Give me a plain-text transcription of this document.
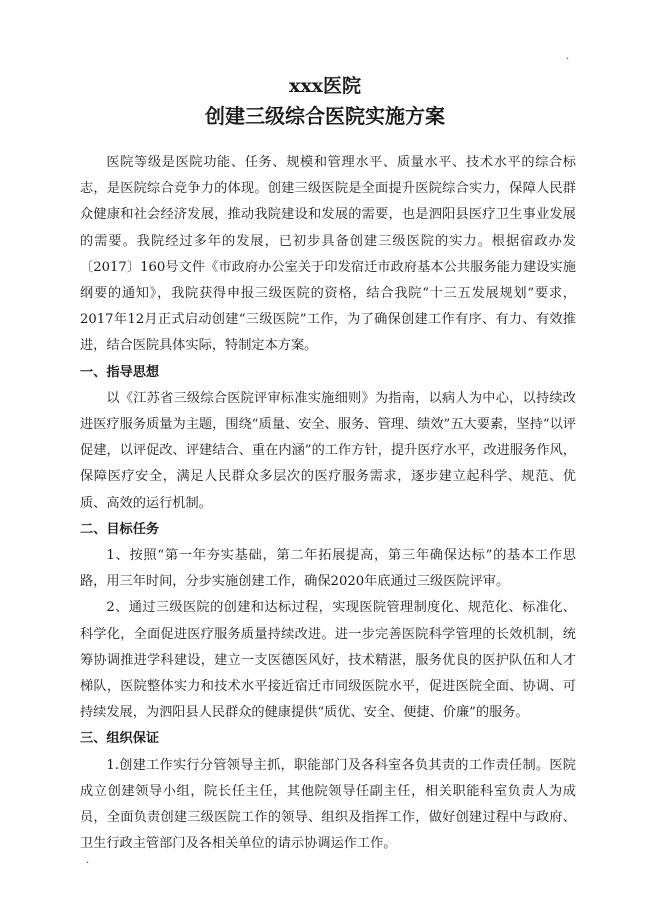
.
xxx医院
创建三级综合医院实施方案

医院等级是医院功能、任务、规模和管理水平、质量水平、技术水平的综合标志，是医院综合竞争力的体现。创建三级医院是全面提升医院综合实力，保障人民群众健康和社会经济发展，推动我院建设和发展的需要，也是泗阳县医疗卫生事业发展的需要。我院经过多年的发展，已初步具备创建三级医院的实力。根据宿政办发〔2017〕160号文件《市政府办公室关于印发宿迁市政府基本公共服务能力建设实施纲要的通知》，我院获得申报三级医院的资格，结合我院“十三五发展规划”要求，2017年12月正式启动创建“三级医院”工作，为了确保创建工作有序、有力、有效推进，结合医院具体实际，特制定本方案。

一、指导思想

以《江苏省三级综合医院评审标准实施细则》为指南，以病人为中心，以持续改进医疗服务质量为主题，围绕“质量、安全、服务、管理、绩效”五大要素，坚持“以评促建，以评促改、评建结合、重在内涵”的工作方针，提升医疗水平，改进服务作风，保障医疗安全，满足人民群众多层次的医疗服务需求，逐步建立起科学、规范、优质、高效的运行机制。

二、目标任务

1、按照“第一年夯实基础，第二年拓展提高，第三年确保达标”的基本工作思路，用三年时间，分步实施创建工作，确保2020年底通过三级医院评审。

2、通过三级医院的创建和达标过程，实现医院管理制度化、规范化、标准化、科学化，全面促进医疗服务质量持续改进。进一步完善医院科学管理的长效机制，统筹协调推进学科建设，建立一支医德医风好，技术精湛，服务优良的医护队伍和人才梯队，医院整体实力和技术水平接近宿迁市同级医院水平，促进医院全面、协调、可持续发展，为泗阳县人民群众的健康提供“质优、安全、便捷、价廉”的服务。

三、组织保证

1.创建工作实行分管领导主抓，职能部门及各科室各负其责的工作责任制。医院成立创建领导小组，院长任主任，其他院领导任副主任，相关职能科室负责人为成员，全面负责创建三级医院工作的领导、组织及指挥工作，做好创建过程中与政府、卫生行政主管部门及各相关单位的请示协调运作工作。

.
